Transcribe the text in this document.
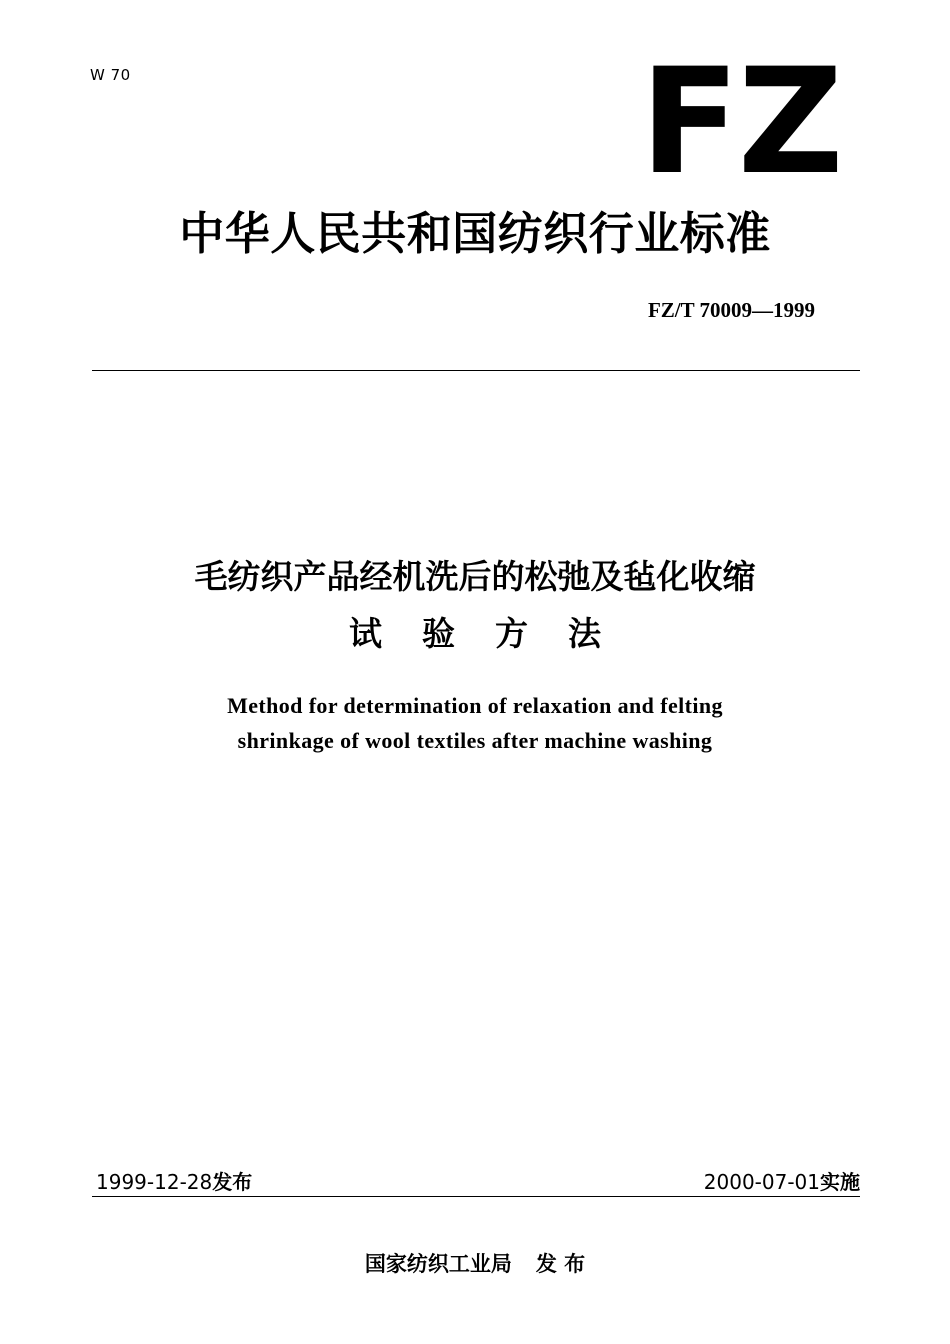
W 70	FZ
中华人民共和国纺织行业标准
FZ/T 70009—1999
毛纺织产品经机洗后的松弛及毡化收缩
试验方法
Method for determination of relaxation and felting
shrinkage of wool textiles after machine washing
1999-12-28发布	2000-07-01实施
国家纺织工业局 发 布
